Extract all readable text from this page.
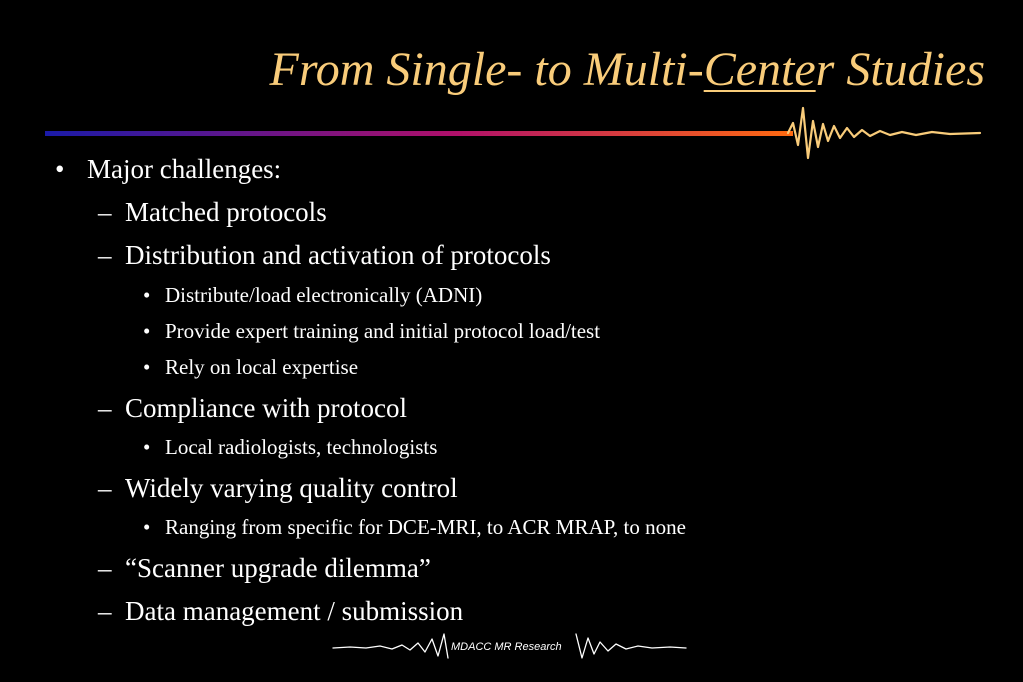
From Single- to Multi-Center Studies
• Major challenges:
– Matched protocols
– Distribution and activation of protocols
• Distribute/load electronically (ADNI)
• Provide expert training and initial protocol load/test
• Rely on local expertise
– Compliance with protocol
• Local radiologists, technologists
– Widely varying quality control
• Ranging from specific for DCE-MRI, to ACR MRAP, to none
– “Scanner upgrade dilemma”
– Data management / submission
MDACC MR Research
